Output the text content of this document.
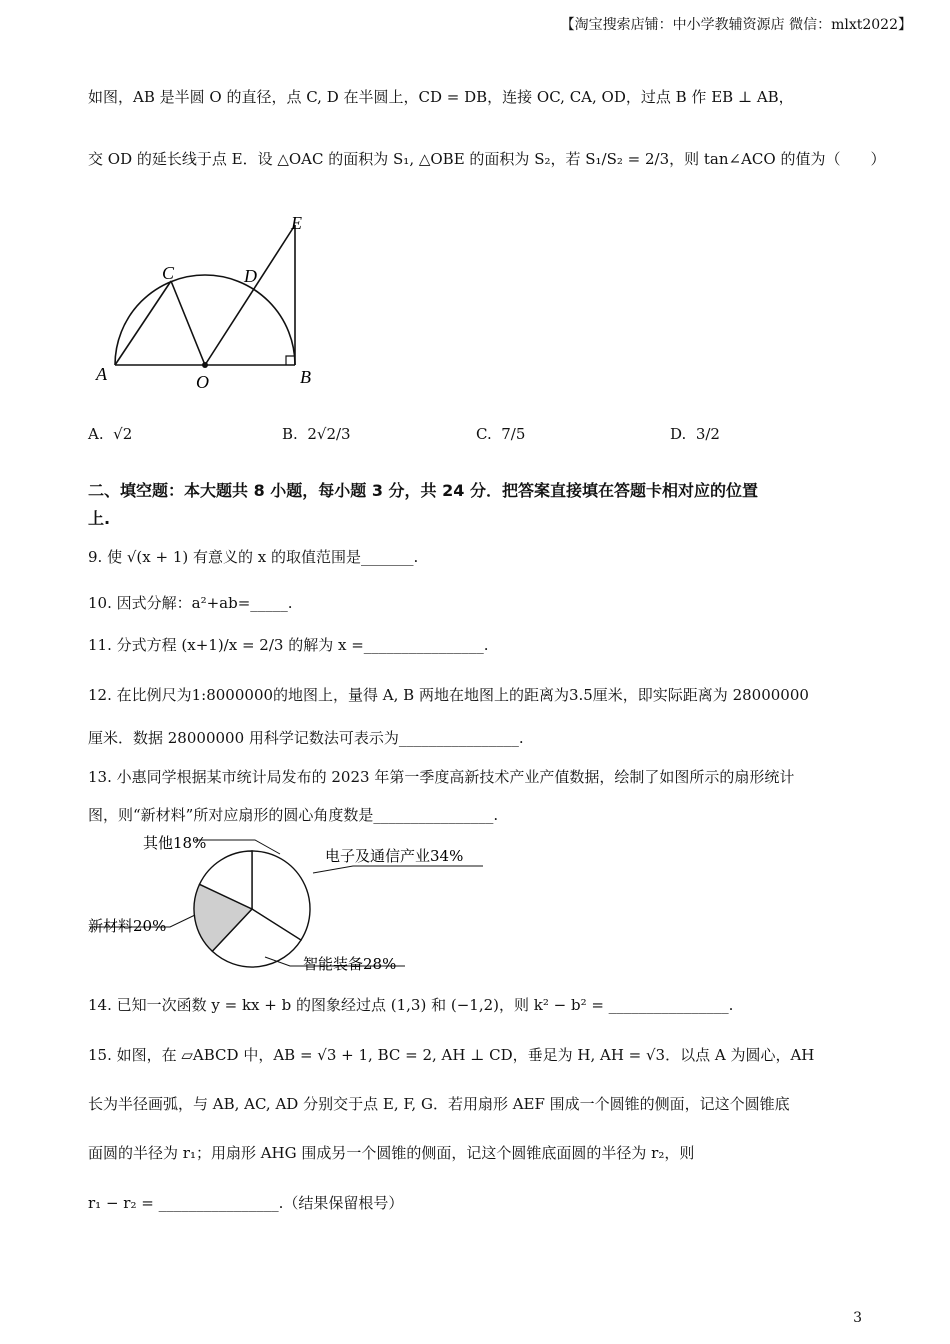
【淘宝搜索店铺：中小学教辅资源店 微信：mlxt2022】
如图，AB 是半圆 O 的直径，点 C, D 在半圆上，CD = DB，连接 OC, CA, OD，过点 B 作 EB ⊥ AB，
交 OD 的延长线于点 E．设 △OAC 的面积为 S₁, △OBE 的面积为 S₂，若 S₁/S₂ = 2/3，则 tan∠ACO 的值为（　　）
A	O	B
C	D
E
A. √2	B. 2√2/3	C. 7/5	D. 3/2
二、填空题：本大题共 8 小题，每小题 3 分，共 24 分．把答案直接填在答题卡相对应的位置
上.
9. 使 √(x + 1) 有意义的 x 的取值范围是_______.
10. 因式分解：a²+ab=_____.
11. 分式方程 (x+1)/x = 2/3 的解为 x =________________.
12. 在比例尺为1:8000000的地图上，量得 A, B 两地在地图上的距离为3.5厘米，即实际距离为 28000000
厘米．数据 28000000 用科学记数法可表示为________________.
13. 小惠同学根据某市统计局发布的 2023 年第一季度高新技术产业产值数据，绘制了如图所示的扇形统计
图，则“新材料”所对应扇形的圆心角度数是________________.
其他18%
电子及通信产业34%
新材料20%
智能装备28%
14. 已知一次函数 y = kx + b 的图象经过点 (1,3) 和 (−1,2)，则 k² − b² = ________________.
15. 如图，在 ▱ABCD 中，AB = √3 + 1, BC = 2, AH ⊥ CD，垂足为 H, AH = √3．以点 A 为圆心，AH
长为半径画弧，与 AB, AC, AD 分别交于点 E, F, G．若用扇形 AEF 围成一个圆锥的侧面，记这个圆锥底
面圆的半径为 r₁；用扇形 AHG 围成另一个圆锥的侧面，记这个圆锥底面圆的半径为 r₂，则
r₁ − r₂ = ________________.（结果保留根号）
3
